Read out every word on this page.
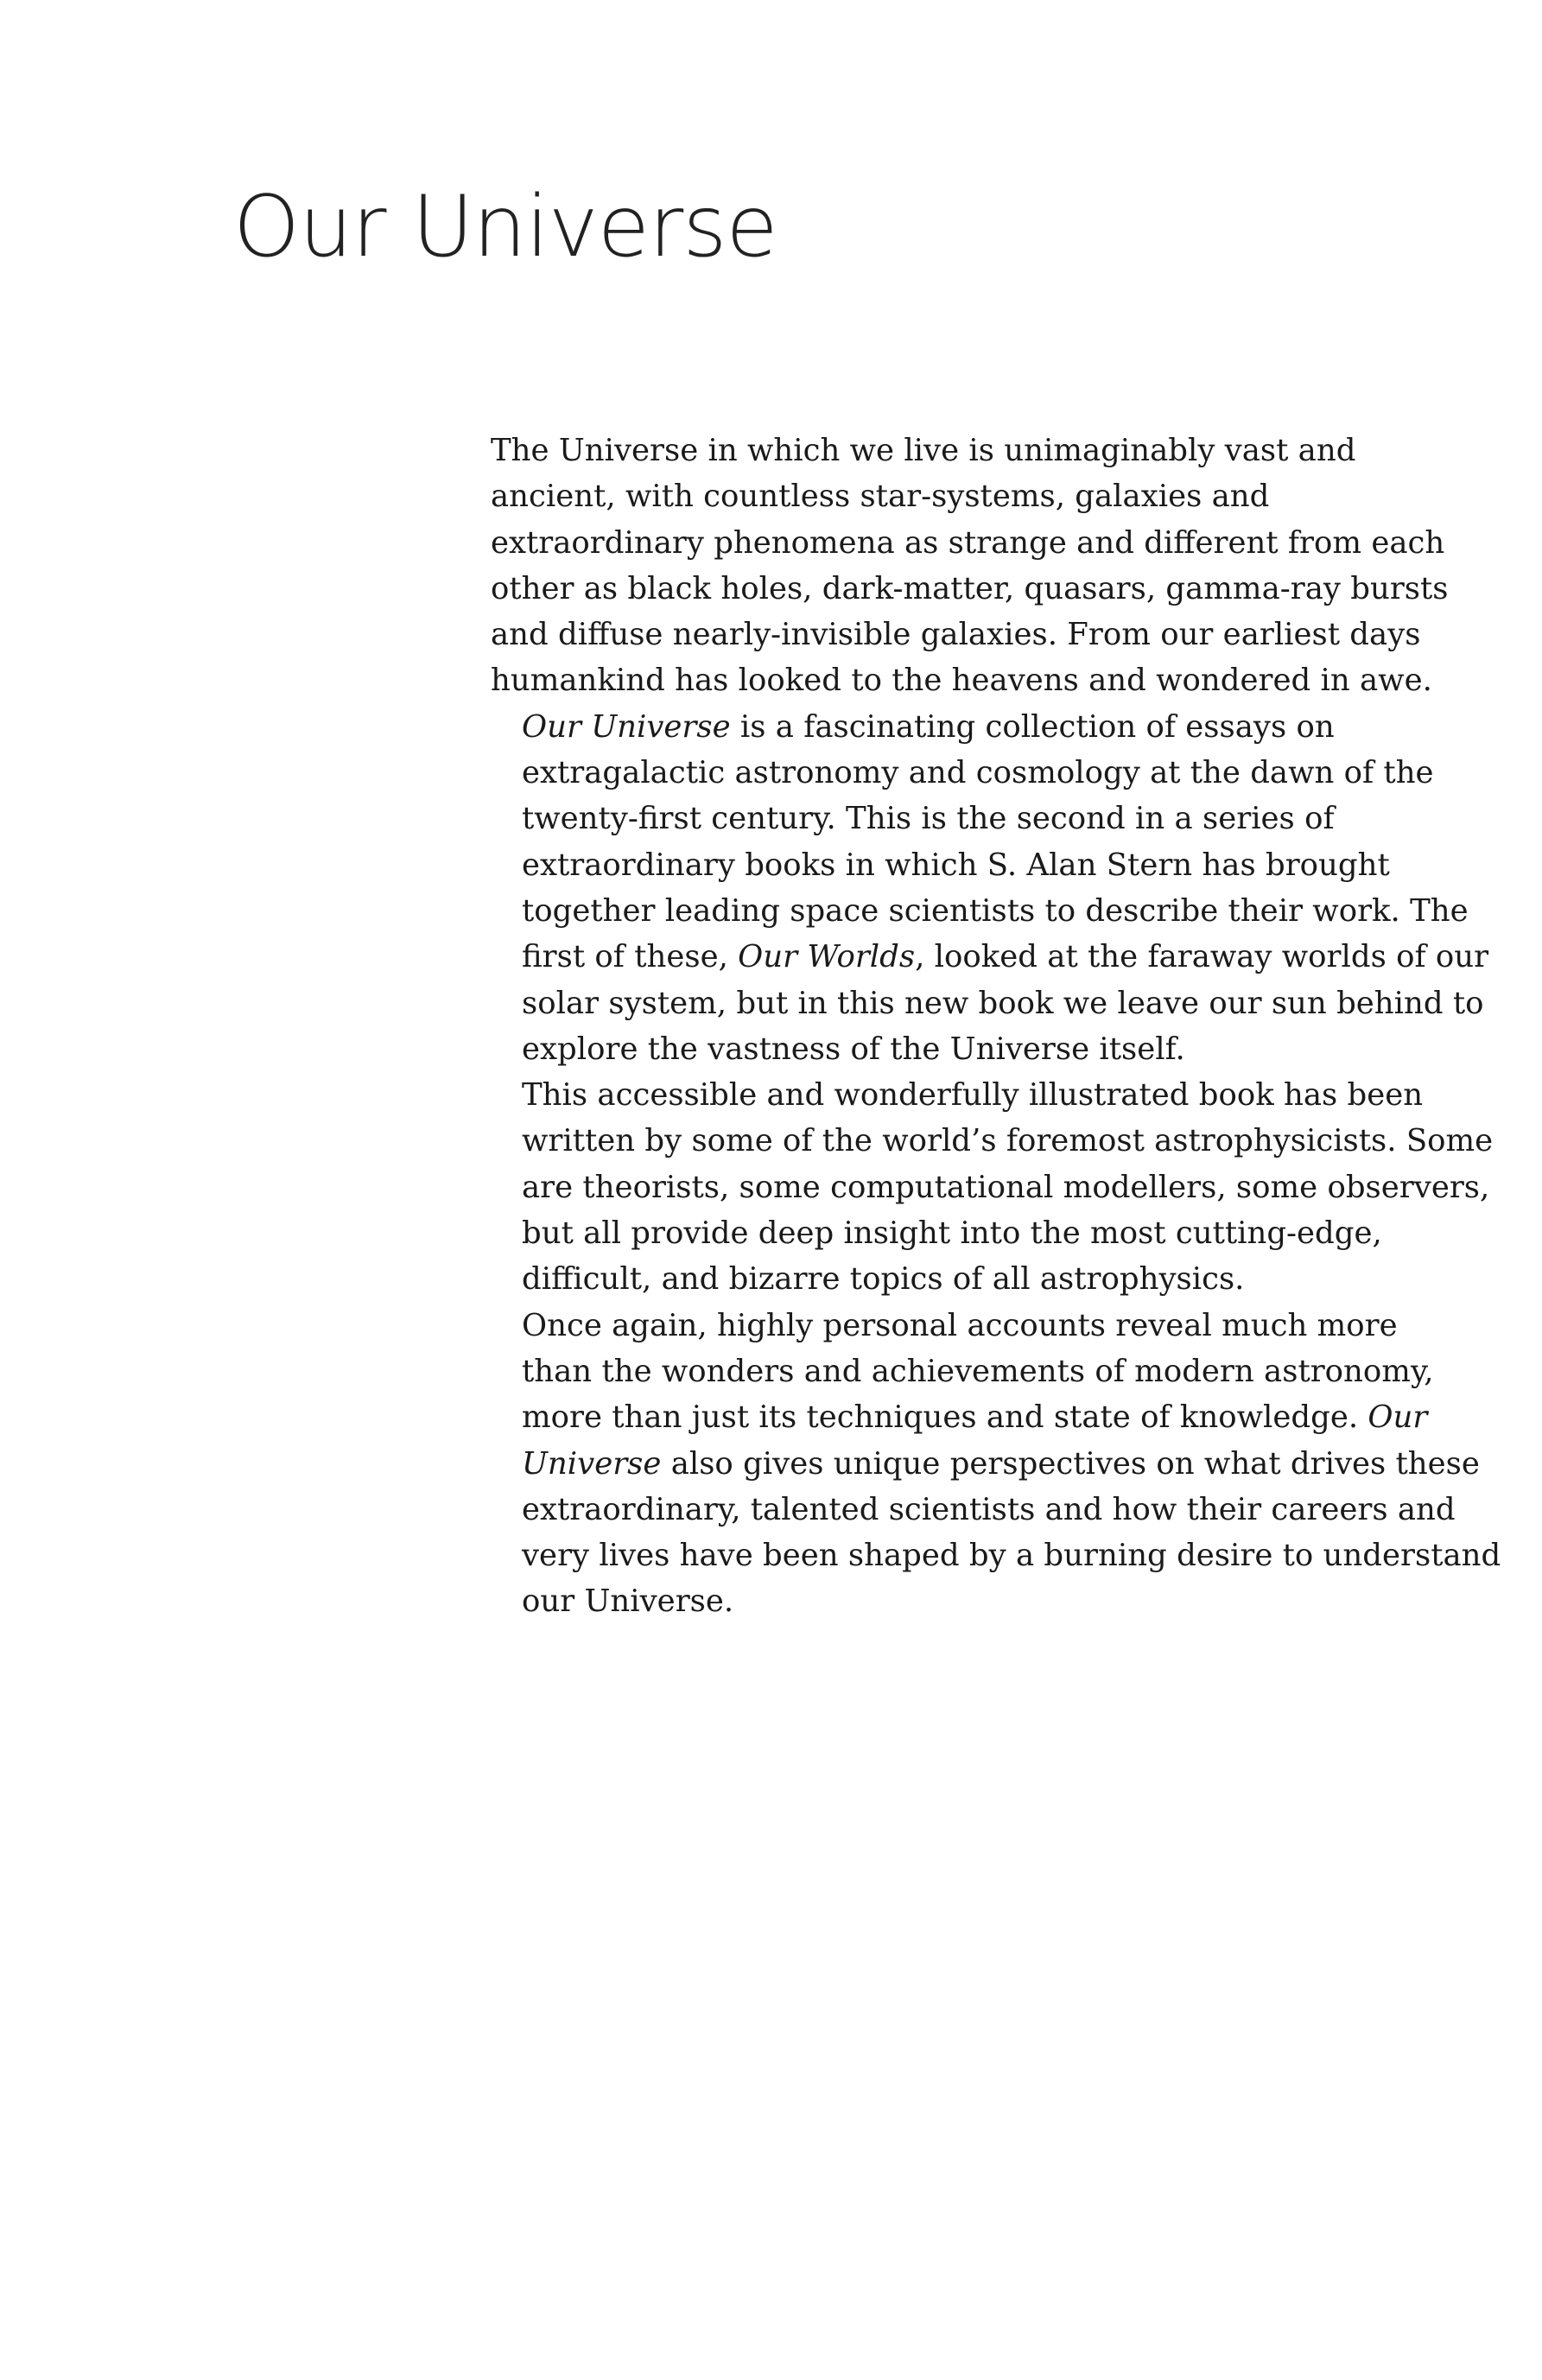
Our Universe

The Universe in which we live is unimaginably vast and
ancient, with countless star-systems, galaxies and
extraordinary phenomena as strange and different from each
other as black holes, dark-matter, quasars, gamma-ray bursts
and diffuse nearly-invisible galaxies. From our earliest days
humankind has looked to the heavens and wondered in awe.

Our Universe is a fascinating collection of essays on
extragalactic astronomy and cosmology at the dawn of the
twenty-first century. This is the second in a series of
extraordinary books in which S. Alan Stern has brought
together leading space scientists to describe their work. The
first of these, Our Worlds, looked at the faraway worlds of our
solar system, but in this new book we leave our sun behind to
explore the vastness of the Universe itself.

This accessible and wonderfully illustrated book has been
written by some of the world’s foremost astrophysicists. Some
are theorists, some computational modellers, some observers,
but all provide deep insight into the most cutting-edge,
difficult, and bizarre topics of all astrophysics.

Once again, highly personal accounts reveal much more
than the wonders and achievements of modern astronomy,
more than just its techniques and state of knowledge. Our
Universe also gives unique perspectives on what drives these
extraordinary, talented scientists and how their careers and
very lives have been shaped by a burning desire to understand
our Universe.
